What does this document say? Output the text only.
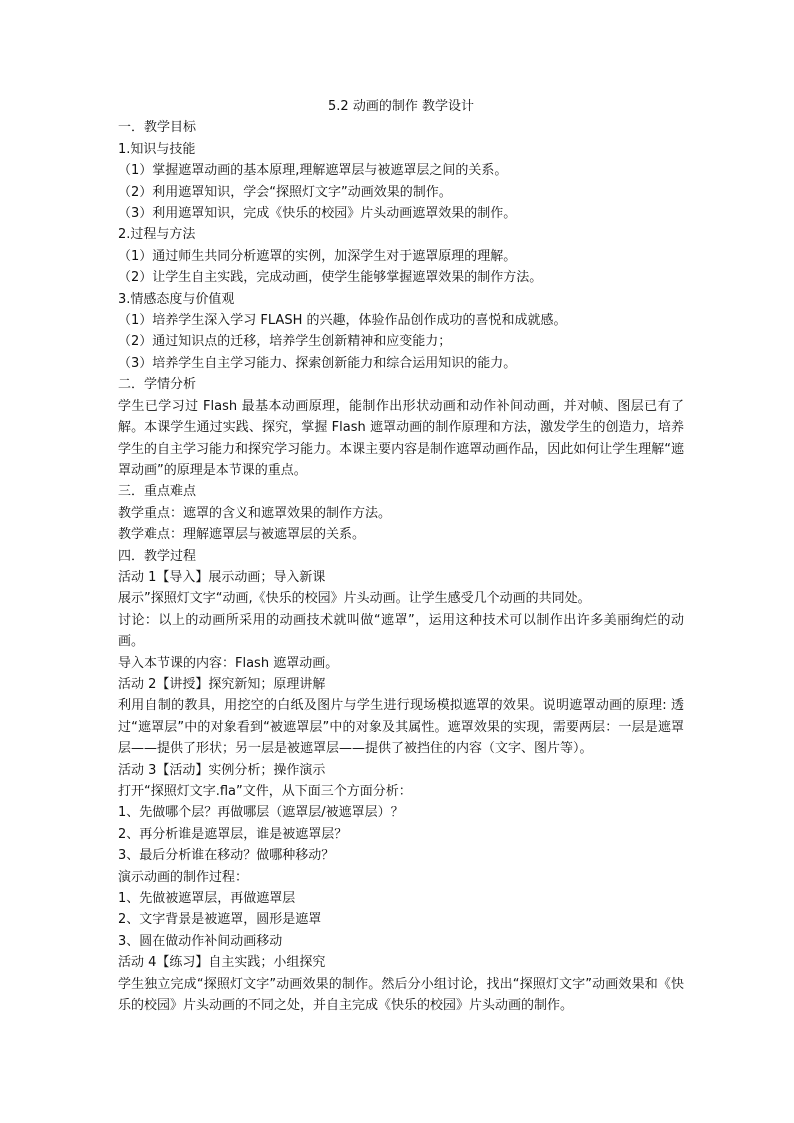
5.2 动画的制作 教学设计

一．教学目标

1.知识与技能

（1）掌握遮罩动画的基本原理,理解遮罩层与被遮罩层之间的关系。

（2）利用遮罩知识，学会“探照灯文字”动画效果的制作。

（3）利用遮罩知识，完成《快乐的校园》片头动画遮罩效果的制作。

2.过程与方法

（1）通过师生共同分析遮罩的实例，加深学生对于遮罩原理的理解。

（2）让学生自主实践，完成动画，使学生能够掌握遮罩效果的制作方法。

3.情感态度与价值观

（1）培养学生深入学习 FLASH 的兴趣，体验作品创作成功的喜悦和成就感。

（2）通过知识点的迁移，培养学生创新精神和应变能力；

（3）培养学生自主学习能力、探索创新能力和综合运用知识的能力。

二．学情分析

学生已学习过 Flash 最基本动画原理，能制作出形状动画和动作补间动画，并对帧、图层已有了解。本课学生通过实践、探究，掌握 Flash 遮罩动画的制作原理和方法，激发学生的创造力，培养学生的自主学习能力和探究学习能力。本课主要内容是制作遮罩动画作品，因此如何让学生理解“遮罩动画”的原理是本节课的重点。

三．重点难点

教学重点：遮罩的含义和遮罩效果的制作方法。

教学难点：理解遮罩层与被遮罩层的关系。

四．教学过程

活动 1【导入】展示动画；导入新课

展示”探照灯文字“动画,《快乐的校园》片头动画。让学生感受几个动画的共同处。

讨论：以上的动画所采用的动画技术就叫做“遮罩”，运用这种技术可以制作出许多美丽绚烂的动画。

导入本节课的内容：Flash 遮罩动画。

活动 2【讲授】探究新知；原理讲解

利用自制的教具，用挖空的白纸及图片与学生进行现场模拟遮罩的效果。说明遮罩动画的原理: 透过“遮罩层”中的对象看到“被遮罩层”中的对象及其属性。遮罩效果的实现，需要两层：一层是遮罩层——提供了形状；另一层是被遮罩层——提供了被挡住的内容（文字、图片等）。

活动 3【活动】实例分析；操作演示

打开“探照灯文字.fla”文件，从下面三个方面分析：

1、先做哪个层？再做哪层（遮罩层/被遮罩层）？

2、再分析谁是遮罩层，谁是被遮罩层？

3、最后分析谁在移动？做哪种移动？

演示动画的制作过程：

1、先做被遮罩层，再做遮罩层

2、文字背景是被遮罩，圆形是遮罩

3、圆在做动作补间动画移动

活动 4【练习】自主实践；小组探究

学生独立完成“探照灯文字”动画效果的制作。然后分小组讨论，找出“探照灯文字”动画效果和《快乐的校园》片头动画的不同之处，并自主完成《快乐的校园》片头动画的制作。
